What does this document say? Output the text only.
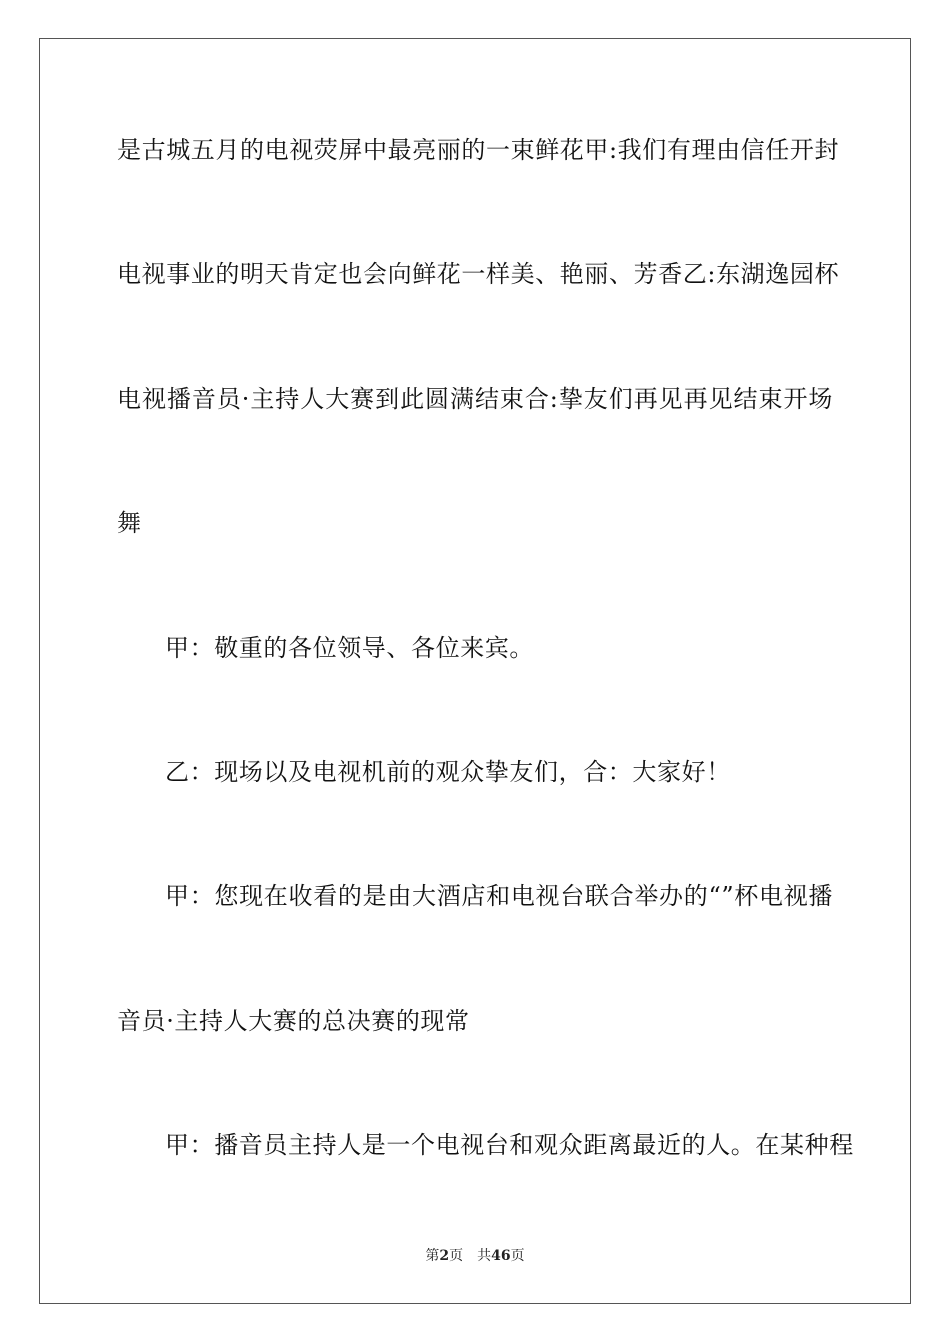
是古城五月的电视荧屏中最亮丽的一束鲜花甲:我们有理由信任开封
电视事业的明天肯定也会向鲜花一样美、艳丽、芳香乙:东湖逸园杯
电视播音员·主持人大赛到此圆满结束合:挚友们再见再见结束开场
舞
甲：敬重的各位领导、各位来宾。
乙：现场以及电视机前的观众挚友们，合：大家好！
甲：您现在收看的是由大酒店和电视台联合举办的“”杯电视播
音员·主持人大赛的总决赛的现常
甲：播音员主持人是一个电视台和观众距离最近的人。在某种程
第2页 共46页
